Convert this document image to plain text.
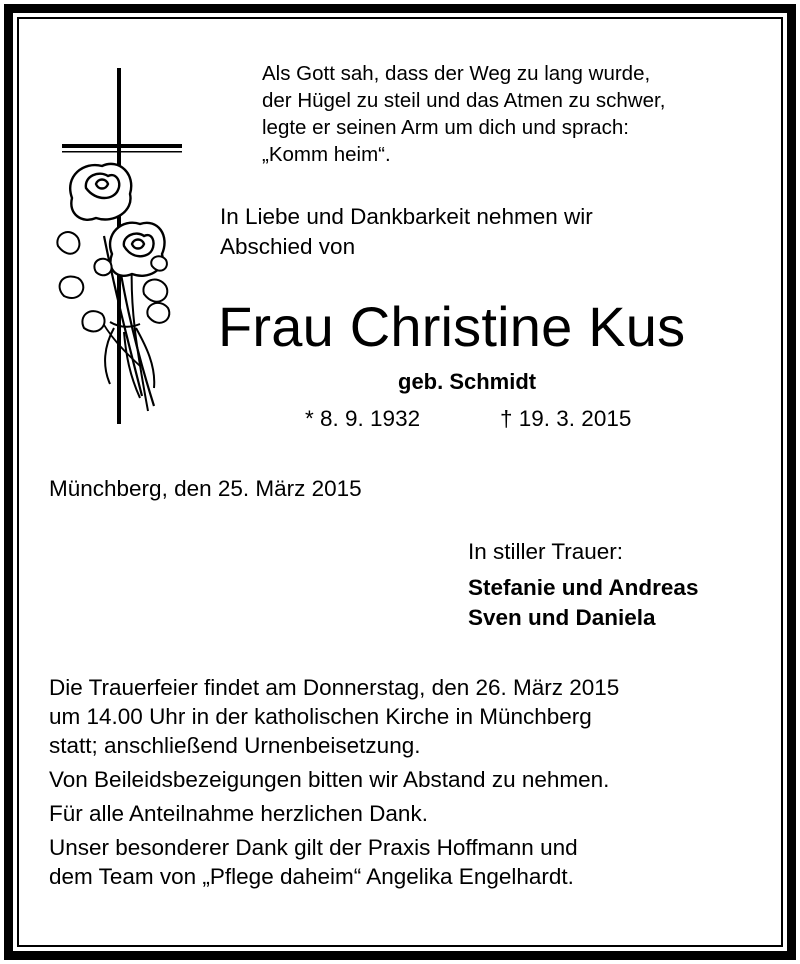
Als Gott sah, dass der Weg zu lang wurde,
der Hügel zu steil und das Atmen zu schwer,
legte er seinen Arm um dich und sprach:
„Komm heim“.
In Liebe und Dankbarkeit nehmen wir
Abschied von
Frau Christine Kus
geb. Schmidt
* 8. 9. 1932	† 19. 3. 2015
Münchberg, den 25. März 2015
In stiller Trauer:
Stefanie und Andreas
Sven und Daniela
Die Trauerfeier findet am Donnerstag, den 26. März 2015
um 14.00 Uhr in der katholischen Kirche in Münchberg
statt; anschließend Urnenbeisetzung.
Von Beileidsbezeigungen bitten wir Abstand zu nehmen.
Für alle Anteilnahme herzlichen Dank.
Unser besonderer Dank gilt der Praxis Hoffmann und
dem Team von „Pflege daheim“ Angelika Engelhardt.
